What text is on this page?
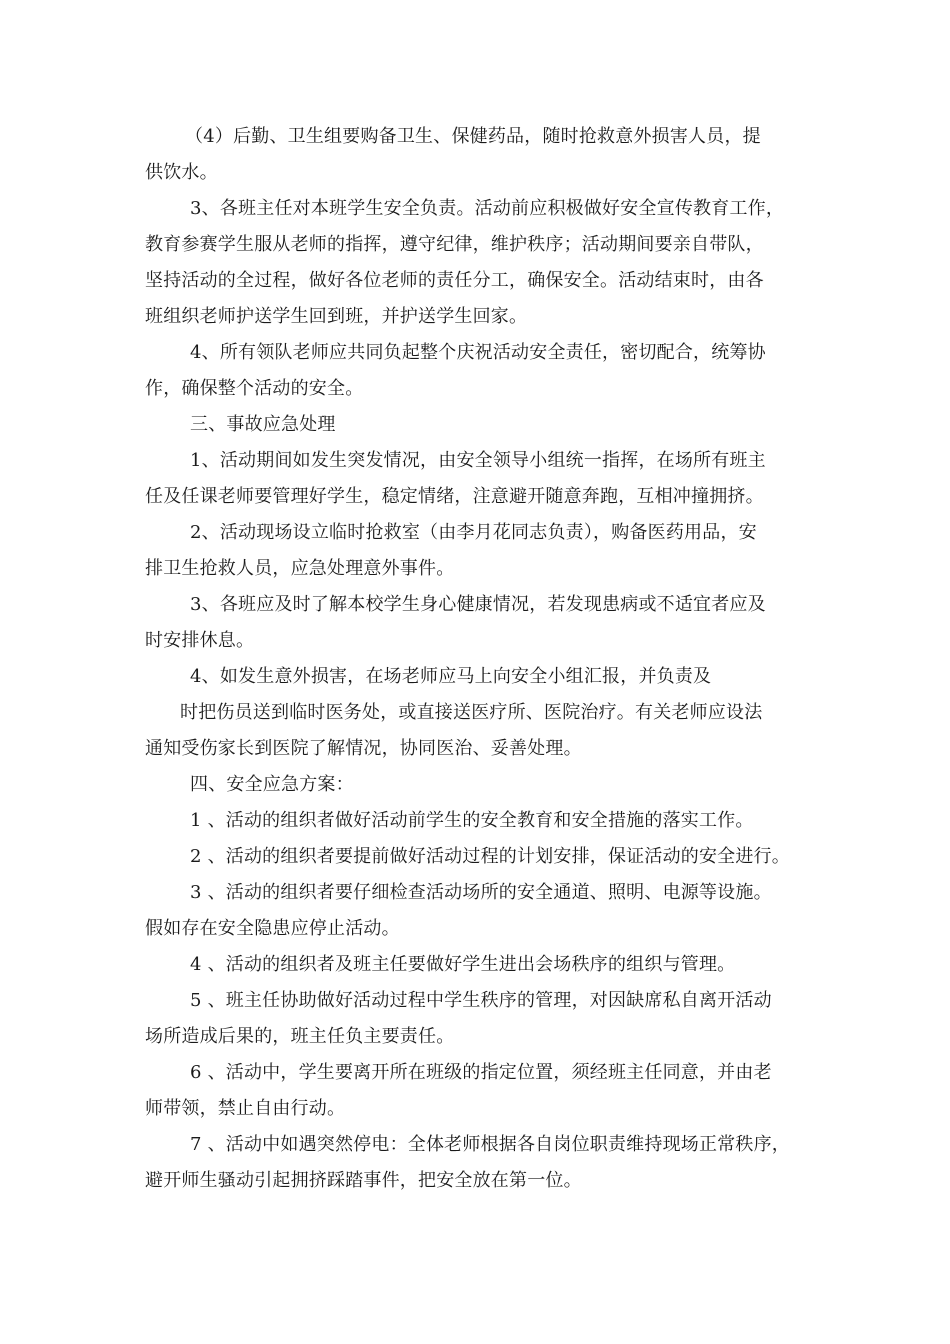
（4）后勤、卫生组要购备卫生、保健药品，随时抢救意外损害人员，提
供饮水。
3、各班主任对本班学生安全负责。活动前应积极做好安全宣传教育工作，
教育参赛学生服从老师的指挥，遵守纪律，维护秩序；活动期间要亲自带队，
坚持活动的全过程，做好各位老师的责任分工，确保安全。活动结束时，由各
班组织老师护送学生回到班，并护送学生回家。
4、所有领队老师应共同负起整个庆祝活动安全责任，密切配合，统筹协
作，确保整个活动的安全。
三、事故应急处理
1、活动期间如发生突发情况，由安全领导小组统一指挥，在场所有班主
任及任课老师要管理好学生，稳定情绪，注意避开随意奔跑，互相冲撞拥挤。
2、活动现场设立临时抢救室（由李月花同志负责），购备医药用品，安
排卫生抢救人员，应急处理意外事件。
3、各班应及时了解本校学生身心健康情况，若发现患病或不适宜者应及
时安排休息。
4、如发生意外损害，在场老师应马上向安全小组汇报，并负责及
时把伤员送到临时医务处，或直接送医疗所、医院治疗。有关老师应设法
通知受伤家长到医院了解情况，协同医治、妥善处理。
四、安全应急方案：
1 、活动的组织者做好活动前学生的安全教育和安全措施的落实工作。
2 、活动的组织者要提前做好活动过程的计划安排，保证活动的安全进行。
3 、活动的组织者要仔细检查活动场所的安全通道、照明、电源等设施。
假如存在安全隐患应停止活动。
4 、活动的组织者及班主任要做好学生进出会场秩序的组织与管理。
5 、班主任协助做好活动过程中学生秩序的管理，对因缺席私自离开活动
场所造成后果的，班主任负主要责任。
6 、活动中，学生要离开所在班级的指定位置，须经班主任同意，并由老
师带领，禁止自由行动。
7 、活动中如遇突然停电：全体老师根据各自岗位职责维持现场正常秩序，
避开师生骚动引起拥挤踩踏事件，把安全放在第一位。
